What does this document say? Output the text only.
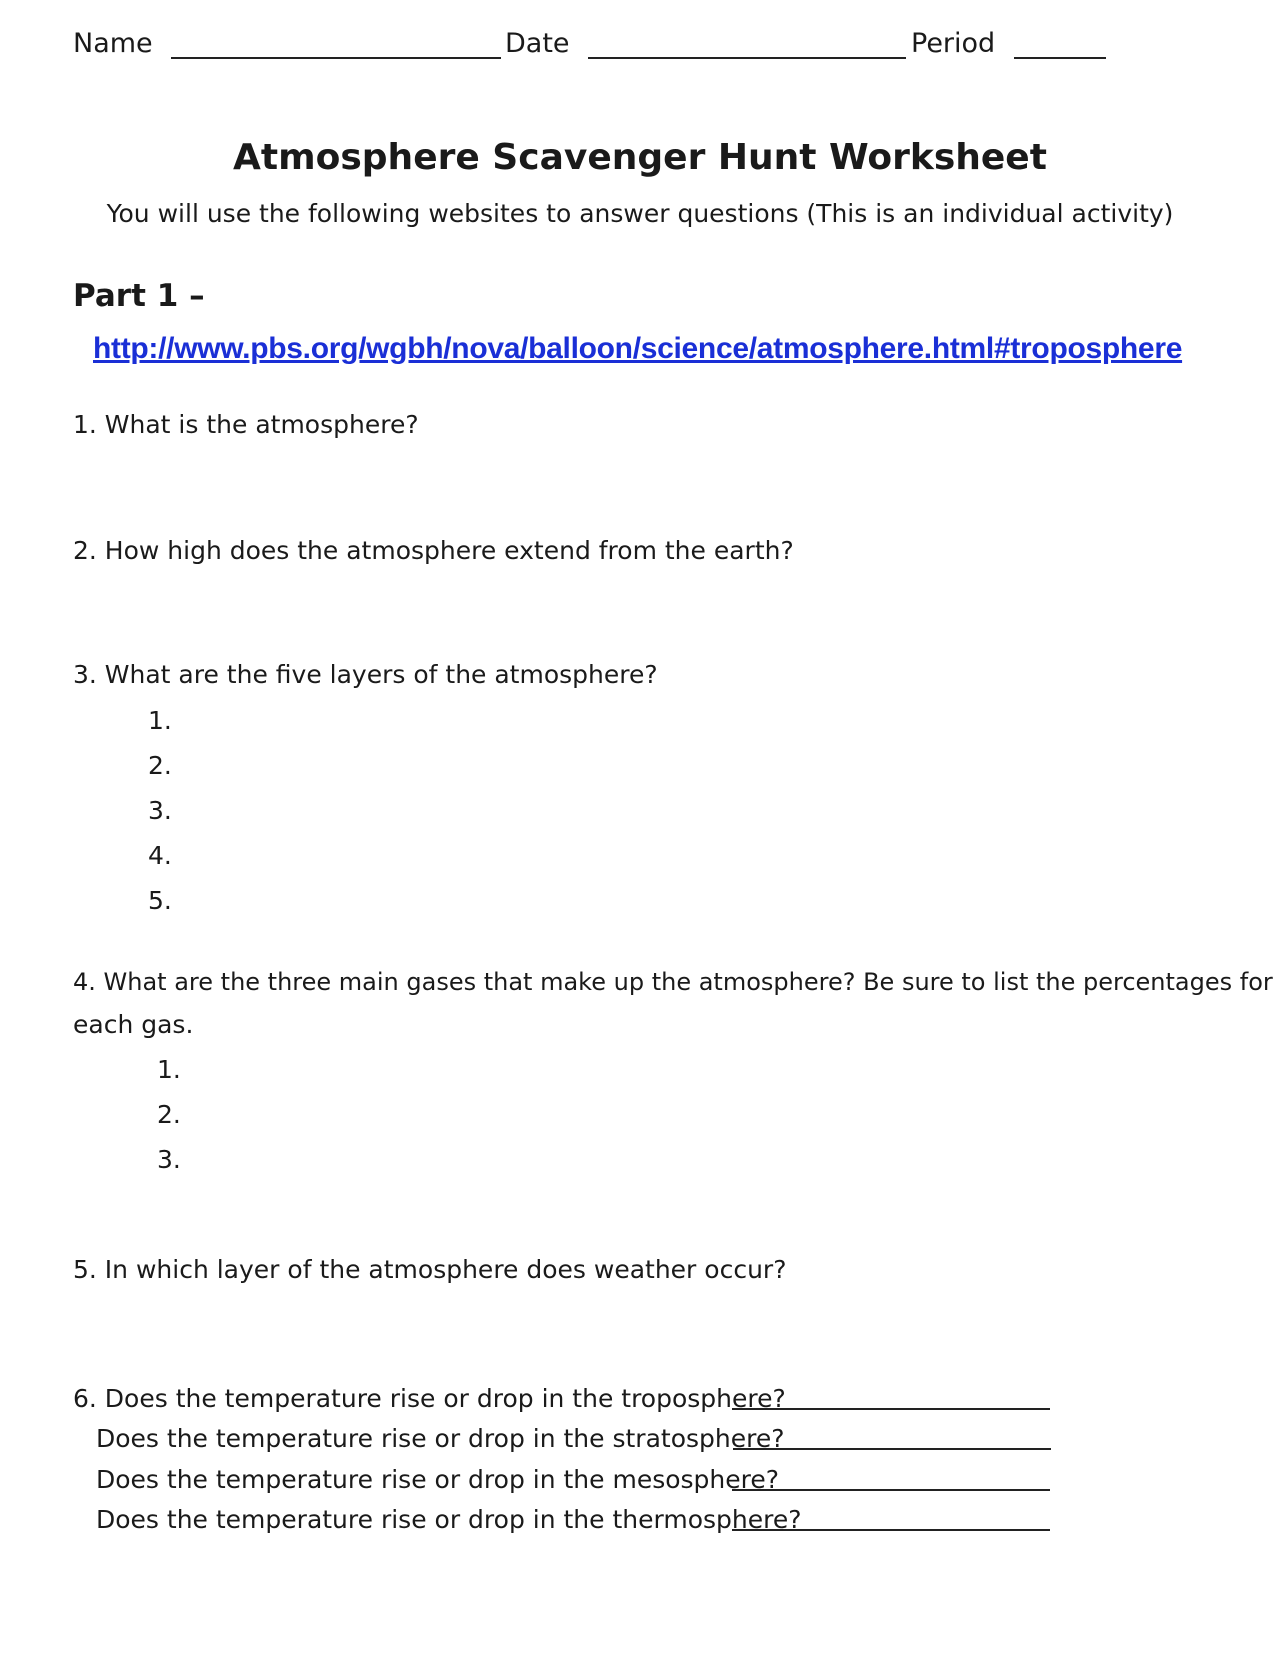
Name	Date	Period
Atmosphere Scavenger Hunt Worksheet
You will use the following websites to answer questions (This is an individual activity)
Part 1 –
http://www.pbs.org/wgbh/nova/balloon/science/atmosphere.html#troposphere
1. What is the atmosphere?
2. How high does the atmosphere extend from the earth?
3. What are the five layers of the atmosphere?
1.
2.
3.
4.
5.
4. What are the three main gases that make up the atmosphere? Be sure to list the percentages for
each gas.
1.
2.
3.
5. In which layer of the atmosphere does weather occur?
6. Does the temperature rise or drop in the troposphere?
Does the temperature rise or drop in the stratosphere?
Does the temperature rise or drop in the mesosphere?
Does the temperature rise or drop in the thermosphere?
